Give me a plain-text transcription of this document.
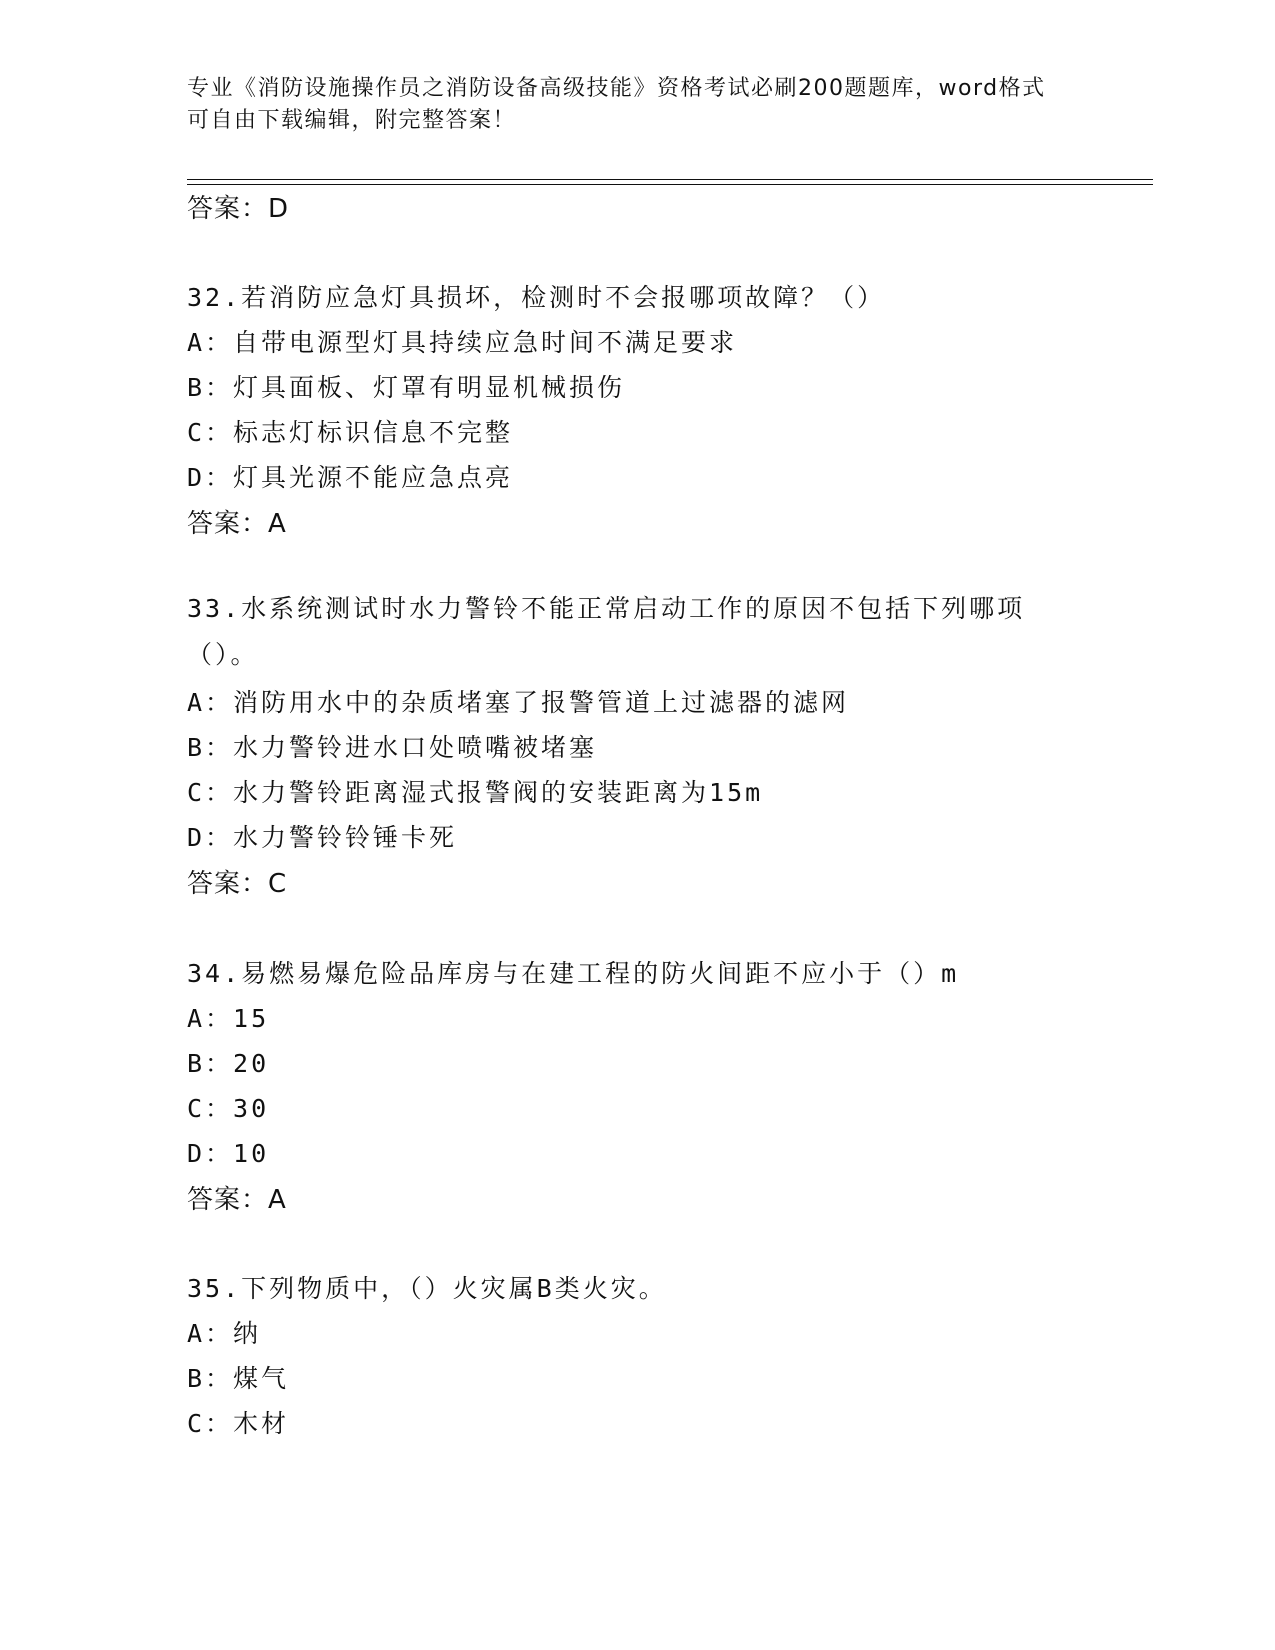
专业《消防设施操作员之消防设备高级技能》资格考试必刷200题题库，word格式可自由下载编辑，附完整答案！

答案：D

32.若消防应急灯具损坏，检测时不会报哪项故障？（）

A：自带电源型灯具持续应急时间不满足要求

B：灯具面板、灯罩有明显机械损伤

C：标志灯标识信息不完整

D：灯具光源不能应急点亮

答案：A

33.水系统测试时水力警铃不能正常启动工作的原因不包括下列哪项（）。

A：消防用水中的杂质堵塞了报警管道上过滤器的滤网

B：水力警铃进水口处喷嘴被堵塞

C：水力警铃距离湿式报警阀的安装距离为15m

D：水力警铃铃锤卡死

答案：C

34.易燃易爆危险品库房与在建工程的防火间距不应小于（）m

A：15

B：20

C：30

D：10

答案：A

35.下列物质中，（）火灾属B类火灾。

A：纳

B：煤气

C：木材
